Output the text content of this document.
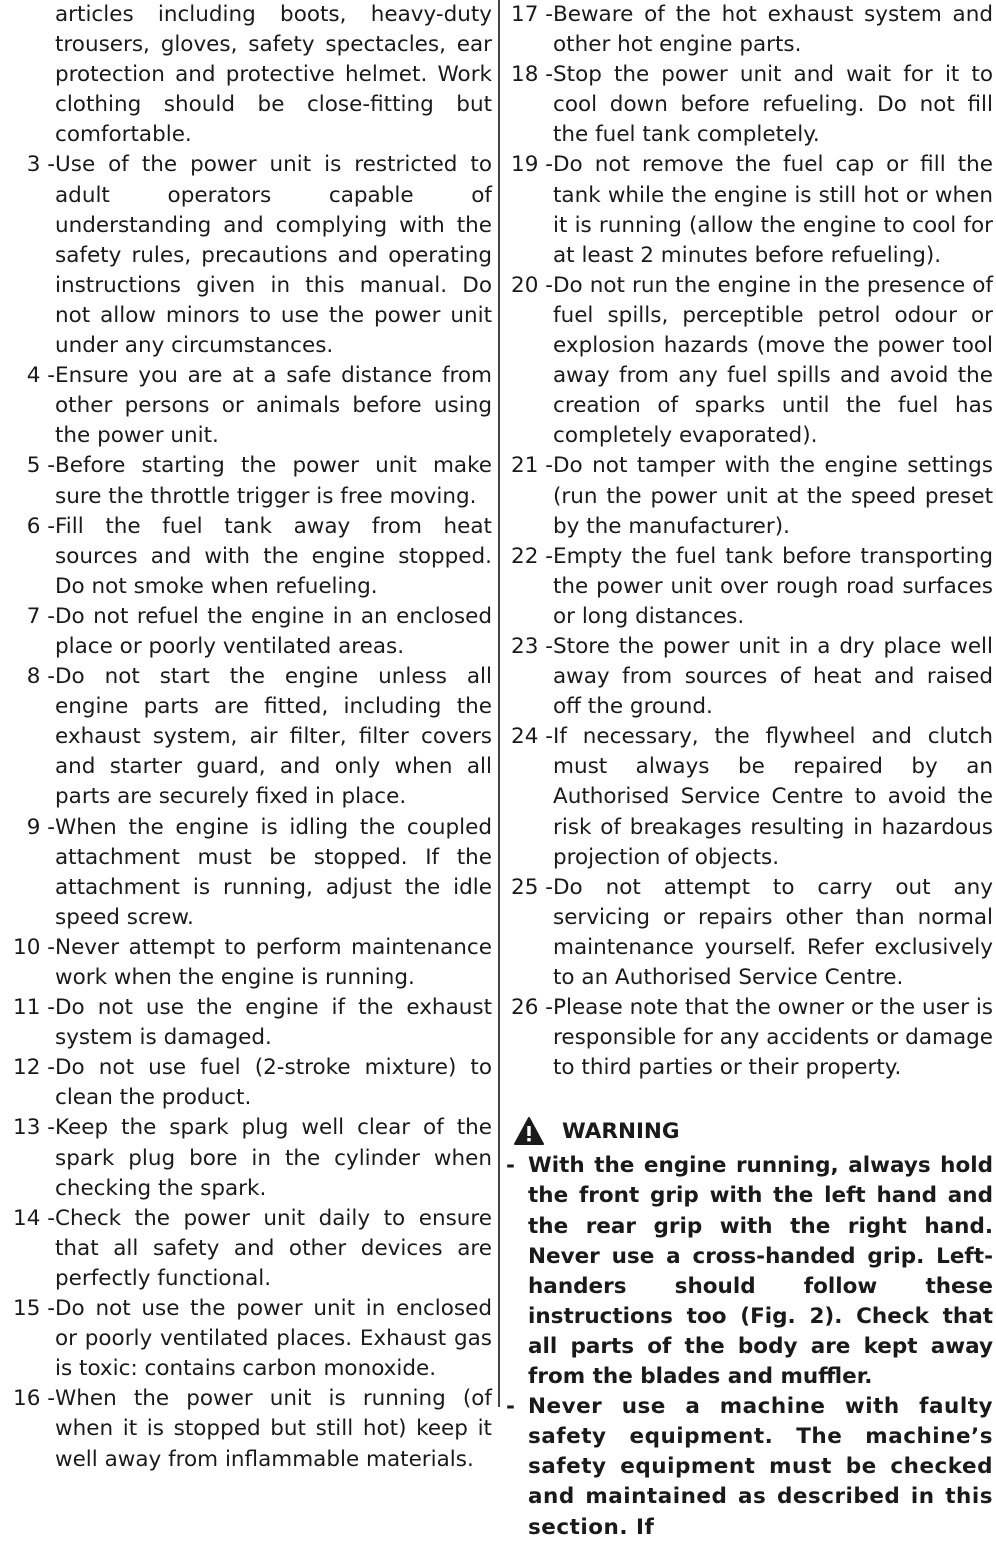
articles including boots, heavy-duty trousers, gloves, safety spectacles, ear protection and protective helmet. Work clothing should be close-fitting but comfortable.

3 - Use of the power unit is restricted to adult operators capable of understanding and complying with the safety rules, precautions and operating instructions given in this manual. Do not allow minors to use the power unit under any circumstances.
4 - Ensure you are at a safe distance from other persons or animals before using the power unit.
5 - Before starting the power unit make sure the throttle trigger is free moving.
6 - Fill the fuel tank away from heat sources and with the engine stopped. Do not smoke when refueling.
7 - Do not refuel the engine in an enclosed place or poorly ventilated areas.
8 - Do not start the engine unless all engine parts are fitted, including the exhaust system, air filter, filter covers and starter guard, and only when all parts are securely fixed in place.
9 - When the engine is idling the coupled attachment must be stopped. If the attachment is running, adjust the idle speed screw.
10 - Never attempt to perform maintenance work when the engine is running.
11 - Do not use the engine if the exhaust system is damaged.
12 - Do not use fuel (2-stroke mixture) to clean the product.
13 - Keep the spark plug well clear of the spark plug bore in the cylinder when checking the spark.
14 - Check the power unit daily to ensure that all safety and other devices are perfectly functional.
15 - Do not use the power unit in enclosed or poorly ventilated places. Exhaust gas is toxic: contains carbon monoxide.
16 - When the power unit is running (of when it is stopped but still hot) keep it well away from inflammable materials.
17 - Beware of the hot exhaust system and other hot engine parts.
18 - Stop the power unit and wait for it to cool down before refueling. Do not fill the fuel tank completely.
19 - Do not remove the fuel cap or fill the tank while the engine is still hot or when it is running (allow the engine to cool for at least 2 minutes before refueling).
20 - Do not run the engine in the presence of fuel spills, perceptible petrol odour or explosion hazards (move the power tool away from any fuel spills and avoid the creation of sparks until the fuel has completely evaporated).
21 - Do not tamper with the engine settings (run the power unit at the speed preset by the manufacturer).
22 - Empty the fuel tank before transporting the power unit over rough road surfaces or long distances.
23 - Store the power unit in a dry place well away from sources of heat and raised off the ground.
24 - If necessary, the flywheel and clutch must always be repaired by an Authorised Service Centre to avoid the risk of breakages resulting in hazardous projection of objects.
25 - Do not attempt to carry out any servicing or repairs other than normal maintenance yourself. Refer exclusively to an Authorised Service Centre.
26 - Please note that the owner or the user is responsible for any accidents or damage to third parties or their property.
WARNING
- With the engine running, always hold the front grip with the left hand and the rear grip with the right hand. Never use a cross-handed grip. Left-handers should follow these instructions too (Fig. 2). Check that all parts of the body are kept away from the blades and muffler.
- Never use a machine with faulty safety equipment. The machine’s safety equipment must be checked and maintained as described in this section. If
